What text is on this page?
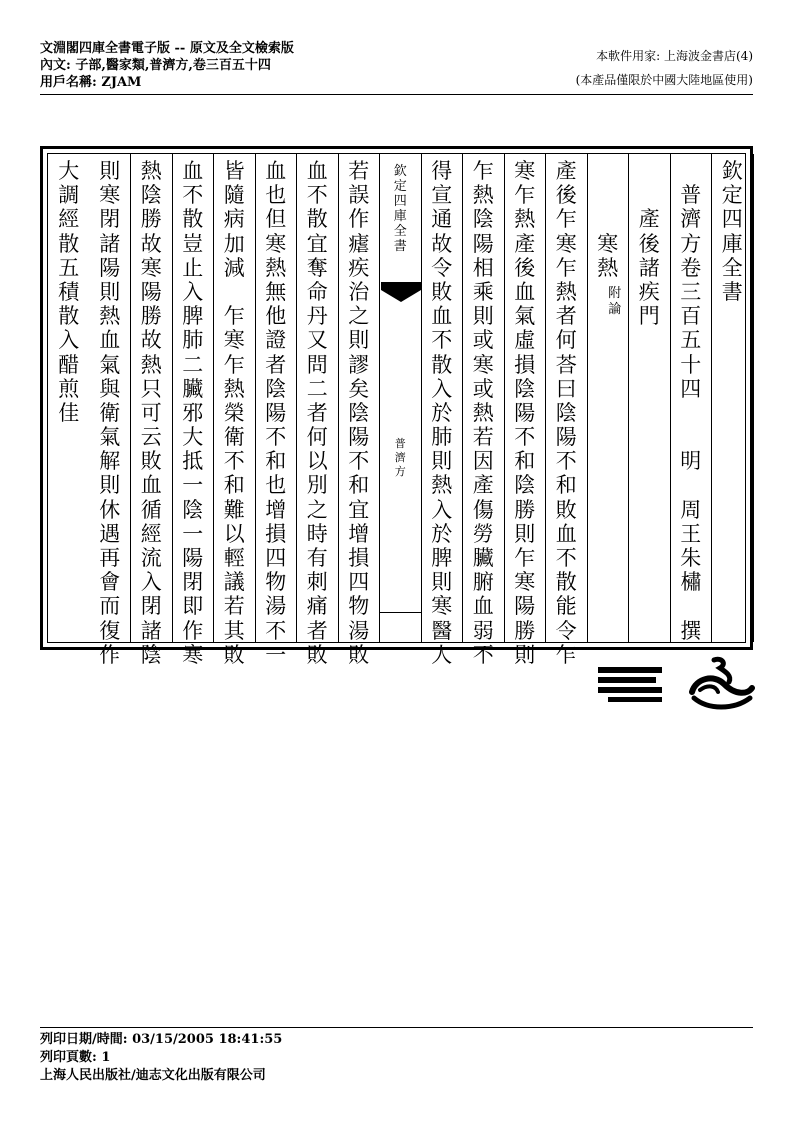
文淵閣四庫全書電子版 -- 原文及全文檢索版
內文: 子部,醫家類,普濟方,卷三百五十四
用戶名稱: ZJAM
本軟件用家: 上海波金書店(4)
(本產品僅限於中國大陸地區使用)
欽
定
四
庫
全
書

普
濟
方
卷
三
百
五
十
四

明

周
王
朱
橚

撰

產
後
諸
疾
門

寒
熱
附
論
產
後
乍
寒
乍
熱
者
何
荅
曰
陰
陽
不
和
敗
血
不
散
能
令
乍
寒
乍
熱
產
後
血
氣
虛
損
陰
陽
不
和
陰
勝
則
乍
寒
陽
勝
則
乍
熱
陰
陽
相
乘
則
或
寒
或
熱
若
因
產
傷
勞
臟
腑
血
弱
不
得
宣
通
故
令
敗
血
不
散
入
於
肺
則
熱
入
於
脾
則
寒
醫
人
欽
定
四
庫
全
書
普
濟
方
若
誤
作
瘧
疾
治
之
則
謬
矣
陰
陽
不
和
宜
增
損
四
物
湯
敗
血
不
散
宜
奪
命
丹
又
問
二
者
何
以
別
之
時
有
刺
痛
者
敗
血
也
但
寒
熱
無
他
證
者
陰
陽
不
和
也
增
損
四
物
湯
不
一
皆
隨
病
加
減

乍
寒
乍
熱
榮
衛
不
和
難
以
輕
議
若
其
敗
血
不
散
豈
止
入
脾
肺
二
臟
邪
大
抵
一
陰
一
陽
閉
即
作
寒
熱
陰
勝
故
寒
陽
勝
故
熱
只
可
云
敗
血
循
經
流
入
閉
諸
陰
則
寒
閉
諸
陽
則
熱
血
氣
與
衛
氣
解
則
休
遇
再
會
而
復
作
大
調
經
散
五
積
散
入
醋
煎
佳
列印日期/時間: 03/15/2005 18:41:55
列印頁數: 1
上海人民出版社/迪志文化出版有限公司
